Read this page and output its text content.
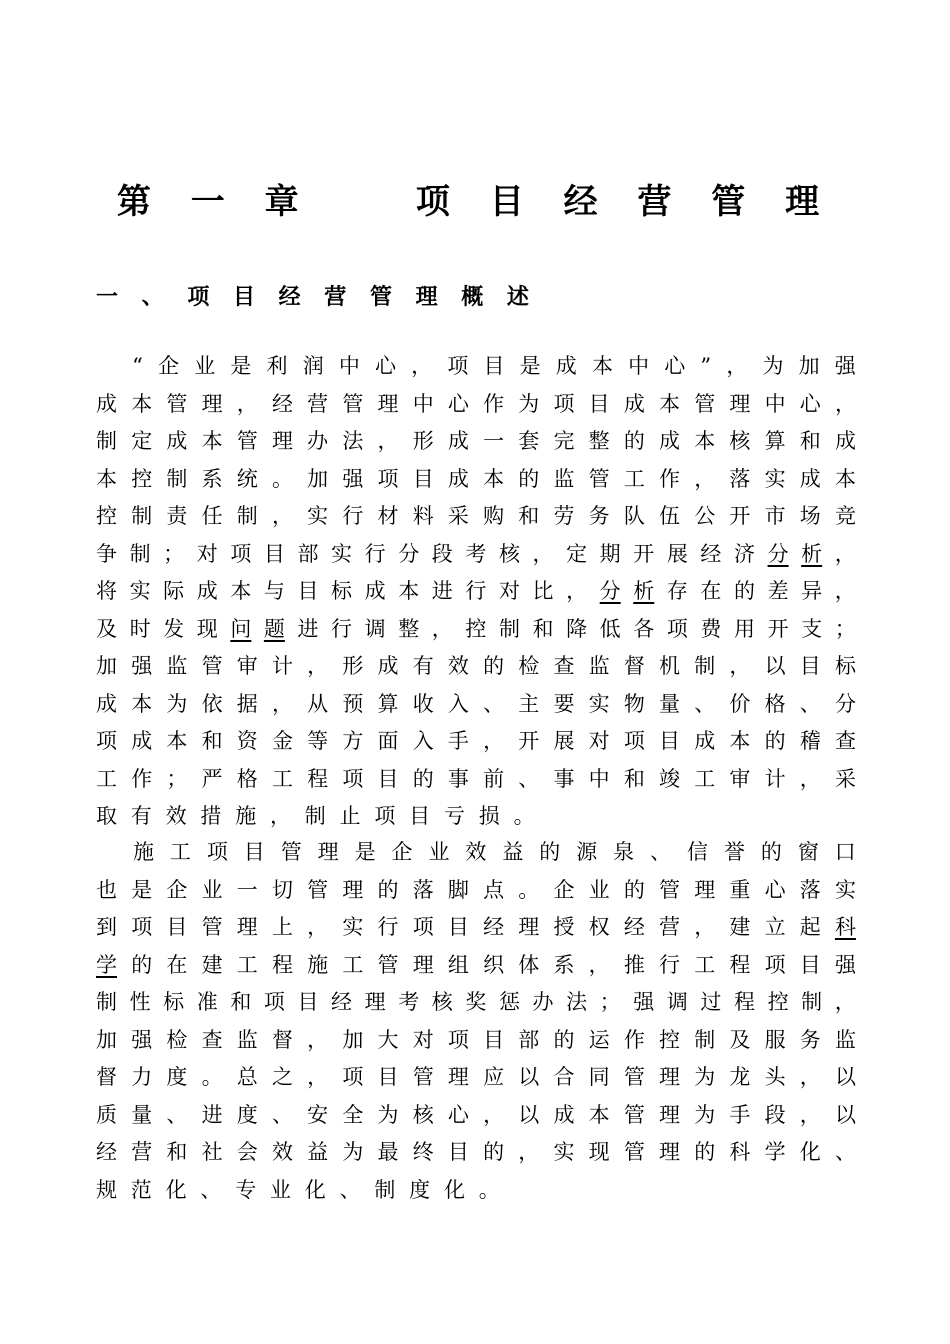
第 一 章    项 目 经 营 管 理
一 、 项 目 经 营 管 理 概 述

“ 企 业 是 利 润 中 心 ， 项 目 是 成 本 中 心 ” ， 为 加 强
成 本 管 理 ， 经 营 管 理 中 心 作 为 项 目 成 本 管 理 中 心 ，
制 定 成 本 管 理 办 法 ， 形 成 一 套 完 整 的 成 本 核 算 和 成
本 控 制 系 统 。 加 强 项 目 成 本 的 监 管 工 作 ， 落 实 成 本
控 制 责 任 制 ， 实 行 材 料 采 购 和 劳 务 队 伍 公 开 市 场 竞
争 制 ； 对 项 目 部 实 行 分 段 考 核 ， 定 期 开 展 经 济 分 析 ，
将 实 际 成 本 与 目 标 成 本 进 行 对 比 ， 分 析 存 在 的 差 异 ，
及 时 发 现 问 题 进 行 调 整 ， 控 制 和 降 低 各 项 费 用 开 支 ；
加 强 监 管 审 计 ， 形 成 有 效 的 检 查 监 督 机 制 ， 以 目 标
成 本 为 依 据 ， 从 预 算 收 入 、 主 要 实 物 量 、 价 格 、 分
项 成 本 和 资 金 等 方 面 入 手 ， 开 展 对 项 目 成 本 的 稽 查
工 作 ； 严 格 工 程 项 目 的 事 前 、 事 中 和 竣 工 审 计 ， 采
取 有 效 措 施 ， 制 止 项 目 亏 损 。

施 工 项 目 管 理 是 企 业 效 益 的 源 泉 、 信 誉 的 窗 口
也 是 企 业 一 切 管 理 的 落 脚 点 。 企 业 的 管 理 重 心 落 实
到 项 目 管 理 上 ， 实 行 项 目 经 理 授 权 经 营 ， 建 立 起 科
学 的 在 建 工 程 施 工 管 理 组 织 体 系 ， 推 行 工 程 项 目 强
制 性 标 准 和 项 目 经 理 考 核 奖 惩 办 法 ； 强 调 过 程 控 制 ，
加 强 检 查 监 督 ， 加 大 对 项 目 部 的 运 作 控 制 及 服 务 监
督 力 度 。 总 之 ， 项 目 管 理 应 以 合 同 管 理 为 龙 头 ， 以
质 量 、 进 度 、 安 全 为 核 心 ， 以 成 本 管 理 为 手 段 ， 以
经 营 和 社 会 效 益 为 最 终 目 的 ， 实 现 管 理 的 科 学 化 、
规 范 化 、 专 业 化 、 制 度 化 。
